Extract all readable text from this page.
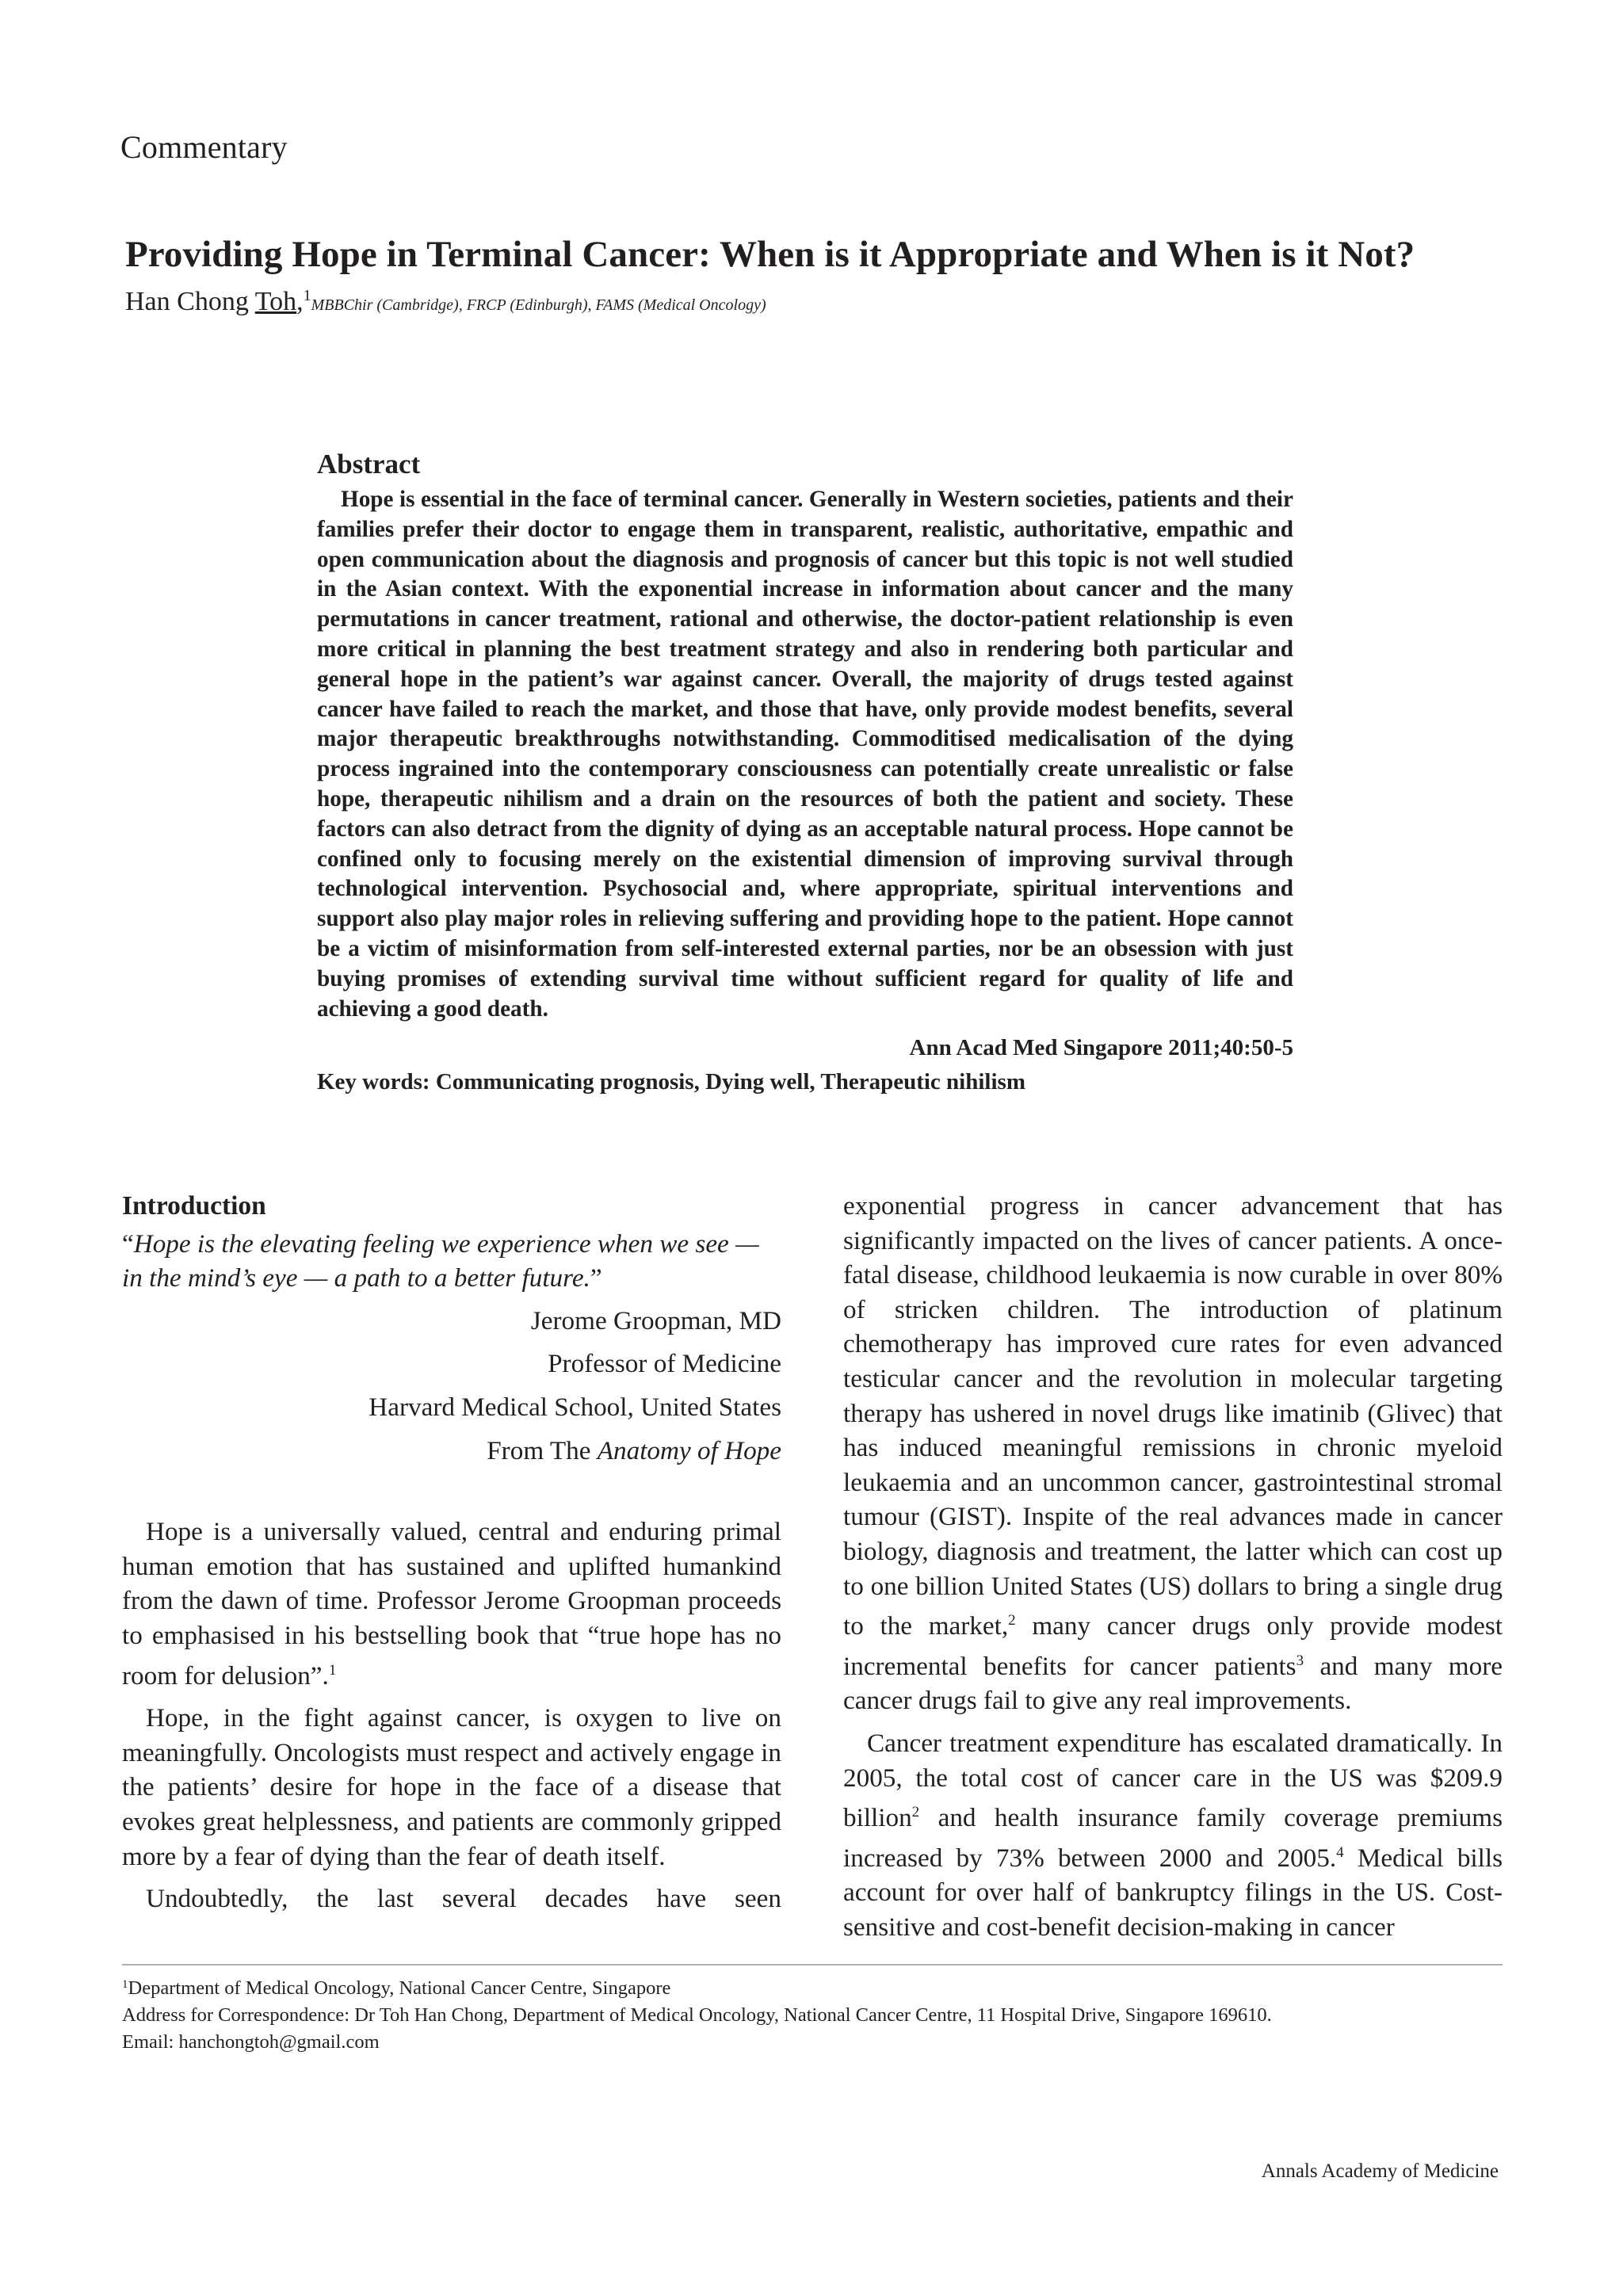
Commentary
Providing Hope in Terminal Cancer: When is it Appropriate and When is it Not?
Han Chong Toh,$^1$MBBChir (Cambridge), FRCP (Edinburgh), FAMS (Medical Oncology)
Abstract

Hope is essential in the face of terminal cancer. Generally in Western societies, patients and their families prefer their doctor to engage them in transparent, realistic, authoritative, empathic and open communication about the diagnosis and prognosis of cancer but this topic is not well studied in the Asian context. With the exponential increase in information about cancer and the many permutations in cancer treatment, rational and otherwise, the doctor-patient relationship is even more critical in planning the best treatment strategy and also in rendering both particular and general hope in the patient’s war against cancer. Overall, the majority of drugs tested against cancer have failed to reach the market, and those that have, only provide modest benefits, several major therapeutic breakthroughs notwithstanding. Commoditised medicalisation of the dying process ingrained into the contemporary consciousness can potentially create unrealistic or false hope, therapeutic nihilism and a drain on the resources of both the patient and society. These factors can also detract from the dignity of dying as an acceptable natural process. Hope cannot be confined only to focusing merely on the existential dimension of improving survival through technological intervention. Psychosocial and, where appropriate, spiritual interventions and support also play major roles in relieving suffering and providing hope to the patient. Hope cannot be a victim of misinformation from self-interested external parties, nor be an obsession with just buying promises of extending survival time without sufficient regard for quality of life and achieving a good death.

Ann Acad Med Singapore 2011;40:50-5
Key words: Communicating prognosis, Dying well, Therapeutic nihilism
Introduction

“Hope is the elevating feeling we experience when we see — in the mind’s eye — a path to a better future.”

Jerome Groopman, MD
Professor of Medicine
Harvard Medical School, United States
From The Anatomy of Hope

Hope is a universally valued, central and enduring primal human emotion that has sustained and uplifted humankind from the dawn of time. Professor Jerome Groopman proceeds to emphasised in his bestselling book that “true hope has no room for delusion”.$^1$

Hope, in the fight against cancer, is oxygen to live on meaningfully. Oncologists must respect and actively engage in the patients’ desire for hope in the face of a disease that evokes great helplessness, and patients are commonly gripped more by a fear of dying than the fear of death itself.

Undoubtedly, the last several decades have seen

exponential progress in cancer advancement that has significantly impacted on the lives of cancer patients. A once-fatal disease, childhood leukaemia is now curable in over 80% of stricken children. The introduction of platinum chemotherapy has improved cure rates for even advanced testicular cancer and the revolution in molecular targeting therapy has ushered in novel drugs like imatinib (Glivec) that has induced meaningful remissions in chronic myeloid leukaemia and an uncommon cancer, gastrointestinal stromal tumour (GIST). Inspite of the real advances made in cancer biology, diagnosis and treatment, the latter which can cost up to one billion United States (US) dollars to bring a single drug to the market,$^2$ many cancer drugs only provide modest incremental benefits for cancer patients$^3$ and many more cancer drugs fail to give any real improvements.

Cancer treatment expenditure has escalated dramatically. In 2005, the total cost of cancer care in the US was $209.9 billion$^2$ and health insurance family coverage premiums increased by 73% between 2000 and 2005.$^4$ Medical bills account for over half of bankruptcy filings in the US. Cost-sensitive and cost-benefit decision-making in cancer

$^1$Department of Medical Oncology, National Cancer Centre, Singapore
Address for Correspondence: Dr Toh Han Chong, Department of Medical Oncology, National Cancer Centre, 11 Hospital Drive, Singapore 169610.
Email: hanchongtoh@gmail.com
Annals Academy of Medicine
